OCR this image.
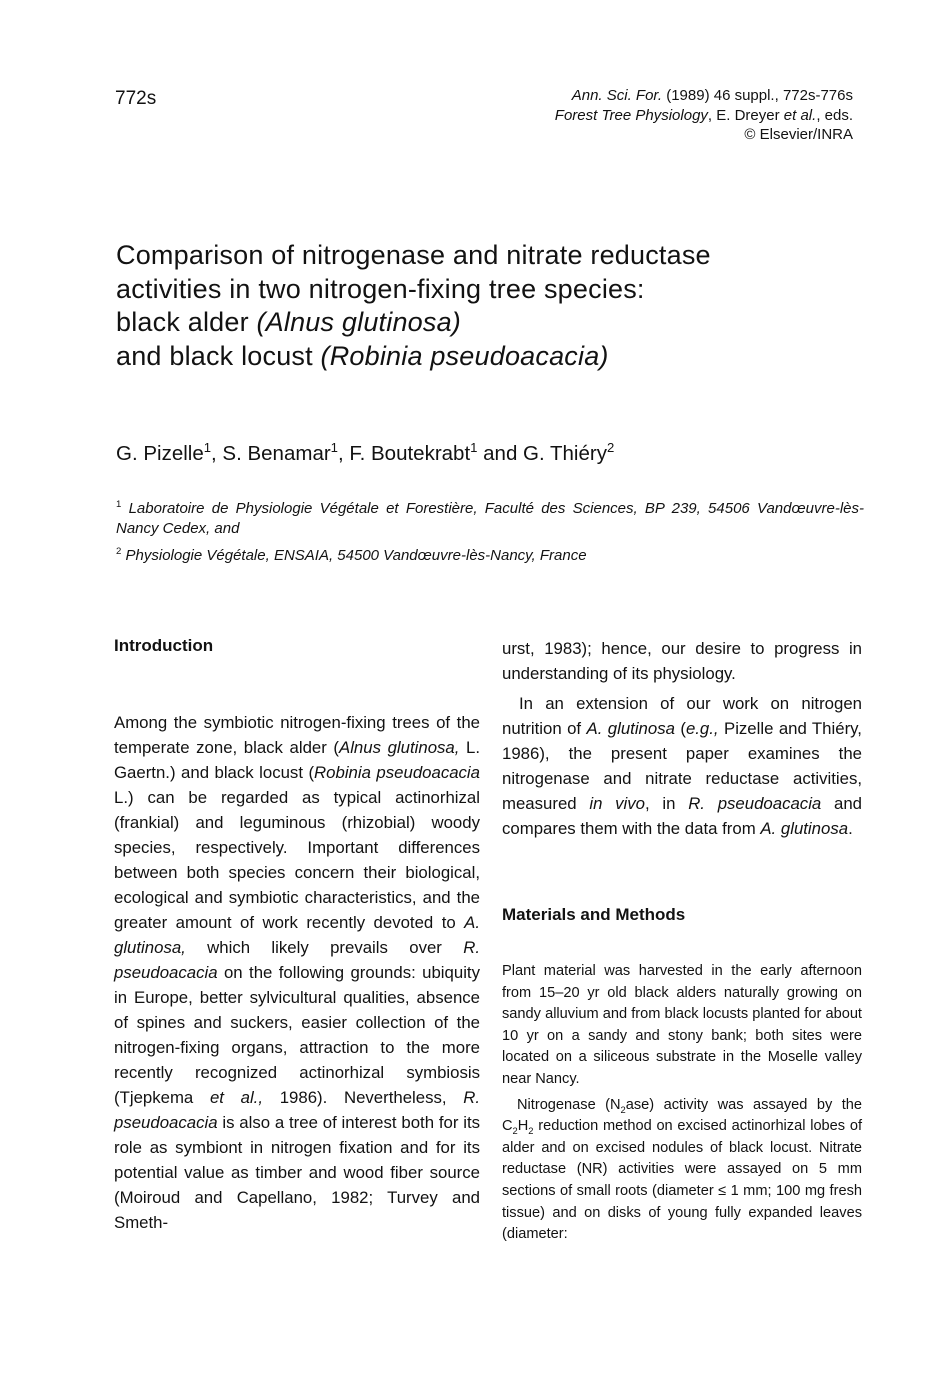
772s	Ann. Sci. For. (1989) 46 suppl., 772s-776s
Forest Tree Physiology, E. Dreyer et al., eds.
© Elsevier/INRA
Comparison of nitrogenase and nitrate reductase
activities in two nitrogen-fixing tree species:
black alder (Alnus glutinosa)
and black locust (Robinia pseudoacacia)
G. Pizelle$^1$, S. Benamar$^1$, F. Boutekrabt$^1$ and G. Thiéry$^2$
$^1$ Laboratoire de Physiologie Végétale et Forestière, Faculté des Sciences, BP 239, 54506 Vandœuvre-lès-Nancy Cedex, and
$^2$ Physiologie Végétale, ENSAIA, 54500 Vandœuvre-lès-Nancy, France
Introduction

Among the symbiotic nitrogen-fixing trees of the temperate zone, black alder (Alnus glutinosa, L. Gaertn.) and black locust (Robinia pseudoacacia L.) can be regarded as typical actinorhizal (frankial) and leguminous (rhizobial) woody species, respectively. Important differences between both species concern their biological, ecological and symbiotic characteristics, and the greater amount of work recently devoted to A. glutinosa, which likely prevails over R. pseudoacacia on the following grounds: ubiquity in Europe, better sylvicultural qualities, absence of spines and suckers, easier collection of the nitrogen-fixing organs, attraction to the more recently recognized actinorhizal symbiosis (Tjepkema et al., 1986). Nevertheless, R. pseudoacacia is also a tree of interest both for its role as symbiont in nitrogen fixation and for its potential value as timber and wood fiber source (Moiroud and Capellano, 1982; Turvey and Smeth-

urst, 1983); hence, our desire to progress in understanding of its physiology.

In an extension of our work on nitrogen nutrition of A. glutinosa (e.g., Pizelle and Thiéry, 1986), the present paper examines the nitrogenase and nitrate reductase activities, measured in vivo, in R. pseudoacacia and compares them with the data from A. glutinosa.

Materials and Methods

Plant material was harvested in the early afternoon from 15–20 yr old black alders naturally growing on sandy alluvium and from black locusts planted for about 10 yr on a sandy and stony bank; both sites were located on a siliceous substrate in the Moselle valley near Nancy.

Nitrogenase $(N_2ase)$ activity was assayed by the $C_2H_2$ reduction method on excised actinorhizal lobes of alder and on excised nodules of black locust. Nitrate reductase (NR) activities were assayed on 5 mm sections of small roots (diameter ≤ 1 mm; 100 mg fresh tissue) and on disks of young fully expanded leaves (diameter:
